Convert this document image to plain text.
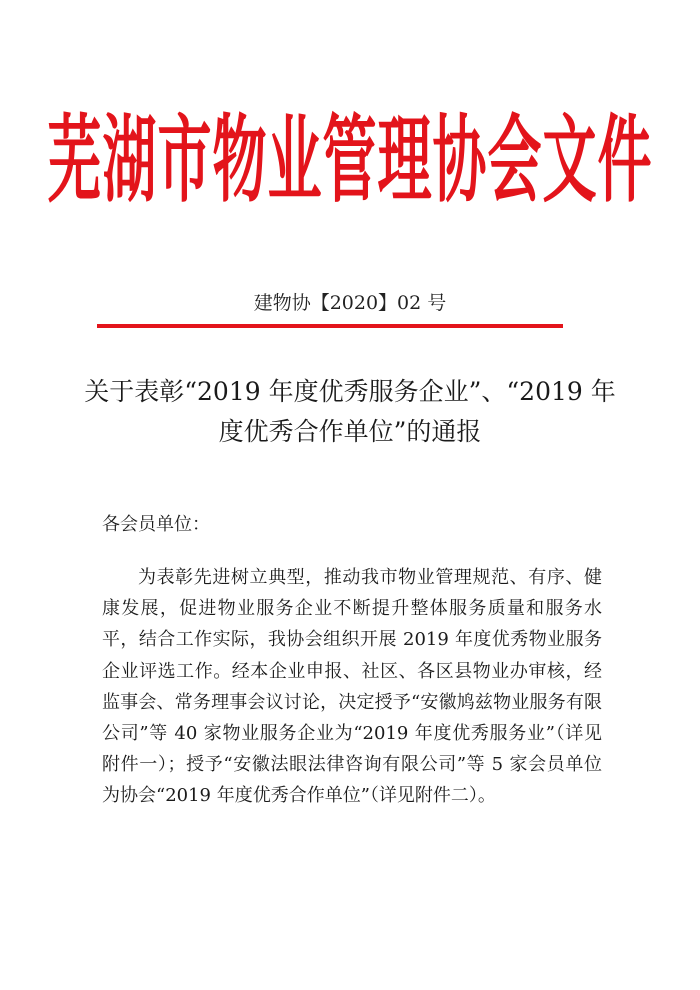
芜湖市物业管理协会文件
建物协【2020】02 号
关于表彰“2019 年度优秀服务企业”、“2019 年
度优秀合作单位”的通报
各会员单位：
为表彰先进树立典型，推动我市物业管理规范、有序、健康发展，促进物业服务企业不断提升整体服务质量和服务水平，结合工作实际，我协会组织开展 2019 年度优秀物业服务企业评选工作。经本企业申报、社区、各区县物业办审核，经监事会、常务理事会议讨论，决定授予“安徽鸠兹物业服务有限公司”等 40 家物业服务企业为“2019 年度优秀服务业”（详见附件一）；授予“安徽法眼法律咨询有限公司”等 5 家会员单位为协会“2019 年度优秀合作单位”（详见附件二）。
